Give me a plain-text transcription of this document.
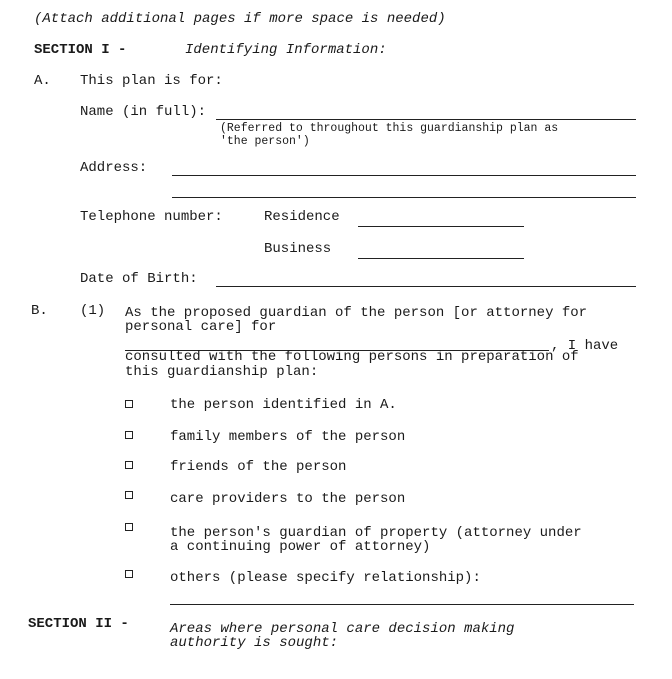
(Attach additional pages if more space is needed)
SECTION I -	Identifying Information:
A. This plan is for:
Name (in full):
(Referred to throughout this guardianship plan as
'the person')
Address:
Telephone number:	Residence
Business
Date of Birth:
B. (1) As the proposed guardian of the person [or attorney for
personal care] for
, I have
consulted with the following persons in preparation of
this guardianship plan:
the person identified in A.
family members of the person
friends of the person
care providers to the person
the person's guardian of property (attorney under
a continuing power of attorney)
others (please specify relationship):
SECTION II -	Areas where personal care decision making
authority is sought:
